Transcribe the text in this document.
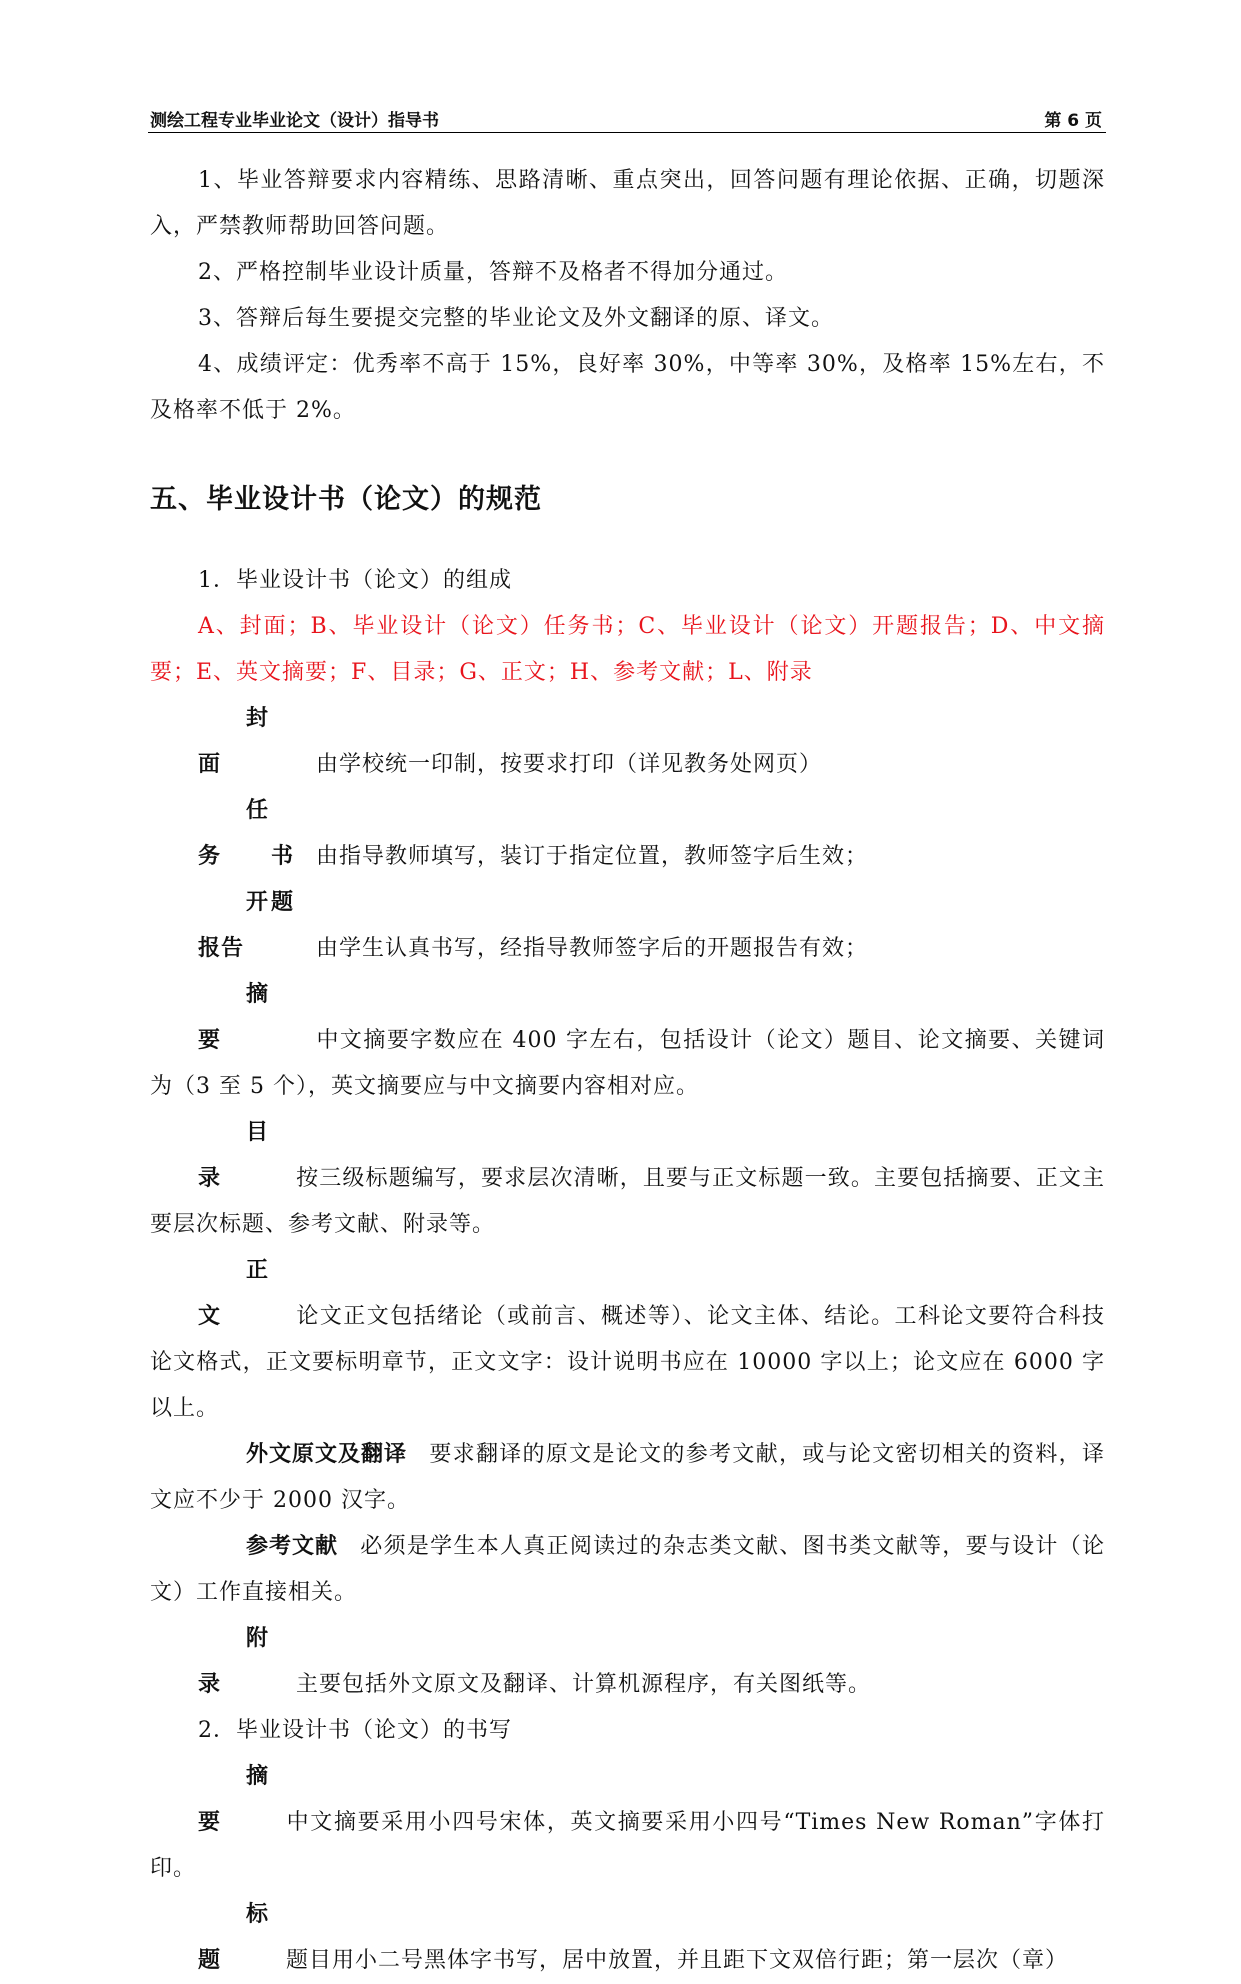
测绘工程专业毕业论文（设计）指导书	第 6 页

1、毕业答辩要求内容精练、思路清晰、重点突出，回答问题有理论依据、正确，切题深入，严禁教师帮助回答问题。

2、严格控制毕业设计质量，答辩不及格者不得加分通过。

3、答辩后每生要提交完整的毕业论文及外文翻译的原、译文。

4、成绩评定：优秀率不高于 15%，良好率 30%，中等率 30%，及格率 15%左右，不及格率不低于 2%。

五、毕业设计书（论文）的规范

1．毕业设计书（论文）的组成

A、封面；B、毕业设计（论文）任务书；C、毕业设计（论文）开题报告；D、中文摘要；E、英文摘要；F、目录；G、正文；H、参考文献；L、附录

封　　面	由学校统一印制，按要求打印（详见教务处网页）

任 务 书 由指导教师填写，装订于指定位置，教师签字后生效；

开题报告	由学生认真书写，经指导教师签字后的开题报告有效；

摘　　要	中文摘要字数应在 400 字左右，包括设计（论文）题目、论文摘要、关键词为（3 至 5 个），英文摘要应与中文摘要内容相对应。

目　录	按三级标题编写，要求层次清晰，且要与正文标题一致。主要包括摘要、正文主要层次标题、参考文献、附录等。

正　文	论文正文包括绪论（或前言、概述等）、论文主体、结论。工科论文要符合科技论文格式，正文要标明章节，正文文字：设计说明书应在 10000 字以上；论文应在 6000 字以上。

外文原文及翻译 要求翻译的原文是论文的参考文献，或与论文密切相关的资料，译文应不少于 2000 汉字。

参考文献 必须是学生本人真正阅读过的杂志类文献、图书类文献等，要与设计（论文）工作直接相关。

附　录	主要包括外文原文及翻译、计算机源程序，有关图纸等。

2．毕业设计书（论文）的书写

摘　要	中文摘要采用小四号宋体，英文摘要采用小四号“Times New Roman”字体打印。

标　题	题目用小二号黑体字书写，居中放置，并且距下文双倍行距；第一层次（章）
